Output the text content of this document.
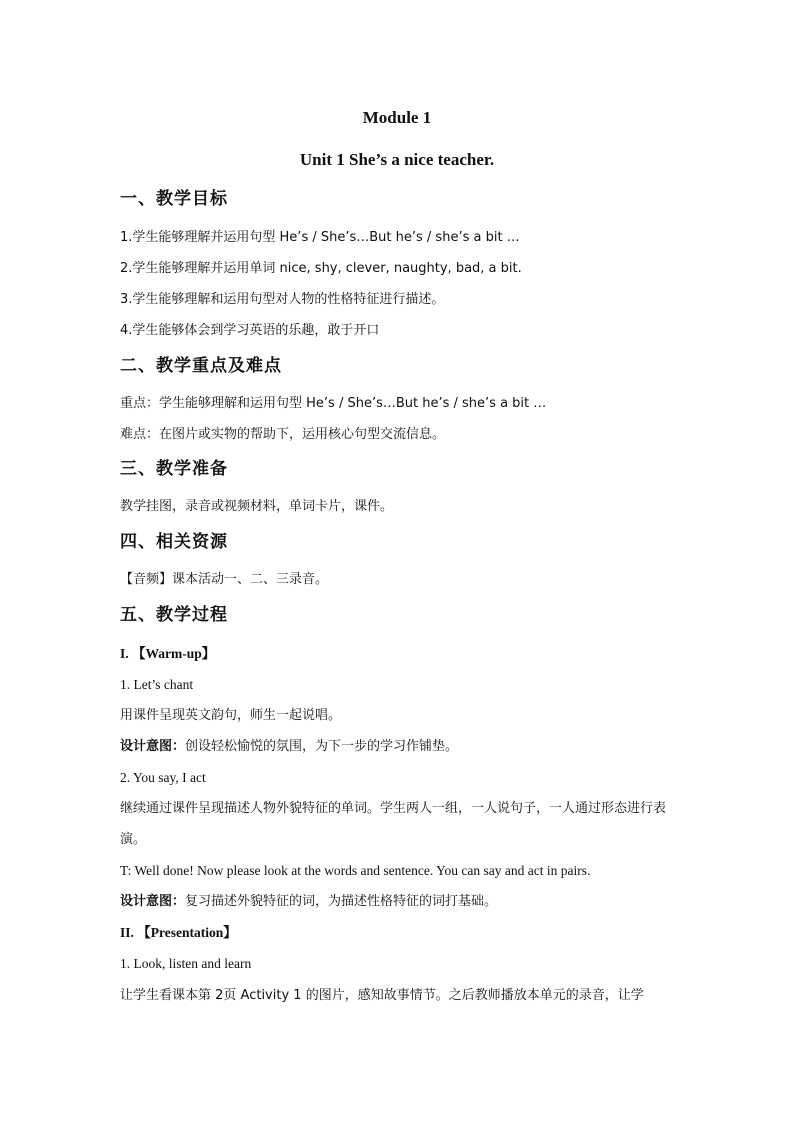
Module 1
Unit 1 She’s a nice teacher.
一、教学目标
1.学生能够理解并运用句型 He’s / She’s…But he’s / she’s a bit …
2.学生能够理解并运用单词 nice, shy, clever, naughty, bad, a bit.
3.学生能够理解和运用句型对人物的性格特征进行描述。
4.学生能够体会到学习英语的乐趣，敢于开口
二、教学重点及难点
重点：学生能够理解和运用句型 He’s / She’s…But he’s / she’s a bit …
难点：在图片或实物的帮助下，运用核心句型交流信息。
三、教学准备
教学挂图，录音或视频材料，单词卡片，课件。
四、相关资源
【音频】课本活动一、二、三录音。
五、教学过程
I. 【Warm-up】
1. Let’s chant
用课件呈现英文韵句，师生一起说唱。
设计意图：创设轻松愉悦的氛围，为下一步的学习作铺垫。
2. You say, I act
继续通过课件呈现描述人物外貌特征的单词。学生两人一组，一人说句子，一人通过形态进行表演。
T: Well done! Now please look at the words and sentence. You can say and act in pairs.
设计意图：复习描述外貌特征的词，为描述性格特征的词打基础。
II. 【Presentation】
1. Look, listen and learn
让学生看课本第 2页 Activity 1 的图片，感知故事情节。之后教师播放本单元的录音，让学
